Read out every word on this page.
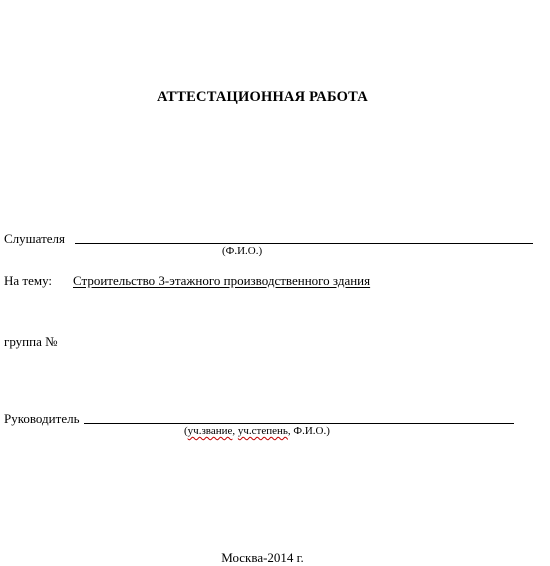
АТТЕСТАЦИОННАЯ РАБОТА
Слушателя
(Ф.И.О.)
На тему: Строительство 3-этажного производственного здания
группа №
Руководитель
(уч.звание, уч.степень, Ф.И.О.)
Москва-2014 г.
